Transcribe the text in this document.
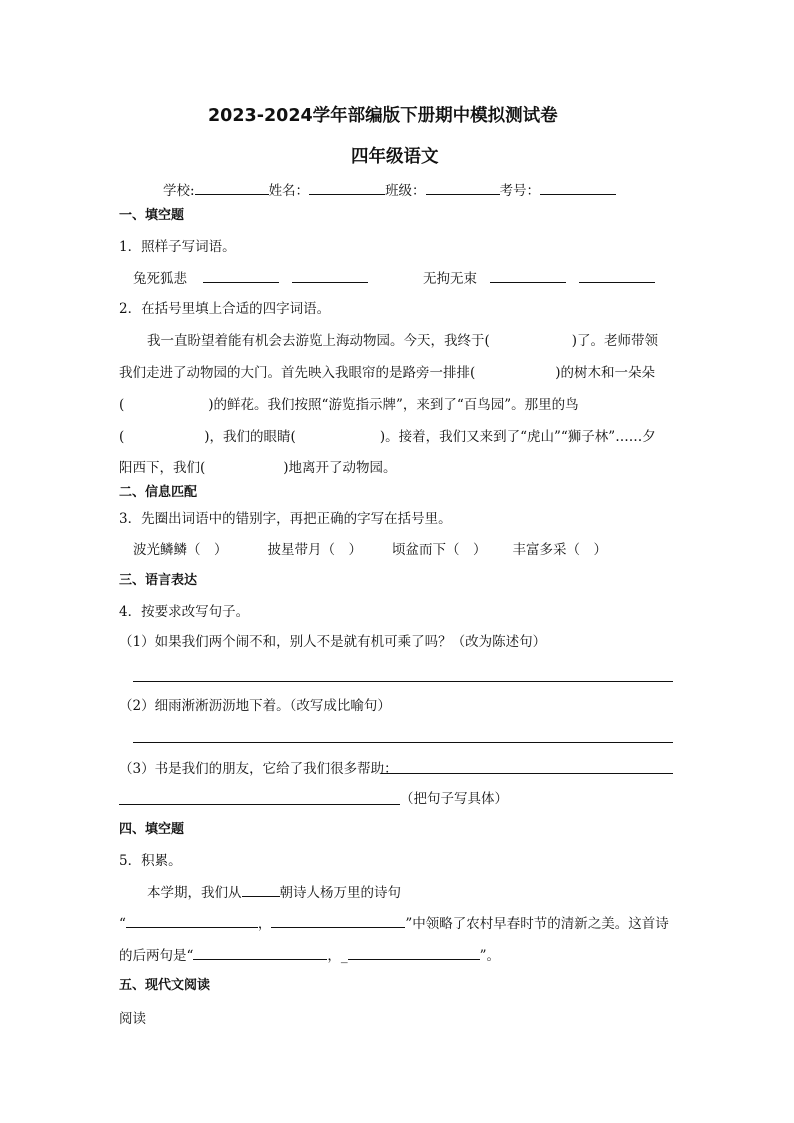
2023-2024学年部编版下册期中模拟测试卷
四年级语文
学校:	姓名：	班级：	考号：
一、填空题
1．照样子写词语。
兔死狐悲	无拘无束
2．在括号里填上合适的四字词语。
我一直盼望着能有机会去游览上海动物园。今天，我终于(	)了。老师带领
我们走进了动物园的大门。首先映入我眼帘的是路旁一排排(	)的树木和一朵朵
(	)的鲜花。我们按照“游览指示牌”，来到了“百鸟园”。那里的鸟
(	)，我们的眼睛(	)。接着，我们又来到了“虎山”“狮子林”……夕
阳西下，我们(	)地离开了动物园。
二、信息匹配
3．先圈出词语中的错别字，再把正确的字写在括号里。
波光鳞鳞（　）	披星带月（　） 顷盆而下（　） 丰富多采（　）
三、语言表达
4．按要求改写句子。
（1）如果我们两个闹不和，别人不是就有机可乘了吗？（改为陈述句）
（2）细雨淅淅沥沥地下着。（改写成比喻句）
（3）书是我们的朋友，它给了我们很多帮助：
（把句子写具体）
四、填空题
5．积累。
本学期，我们从	朝诗人杨万里的诗句
“	，	”中领略了农村早春时节的清新之美。这首诗
的后两句是“	，_	”。
五、现代文阅读
阅读
